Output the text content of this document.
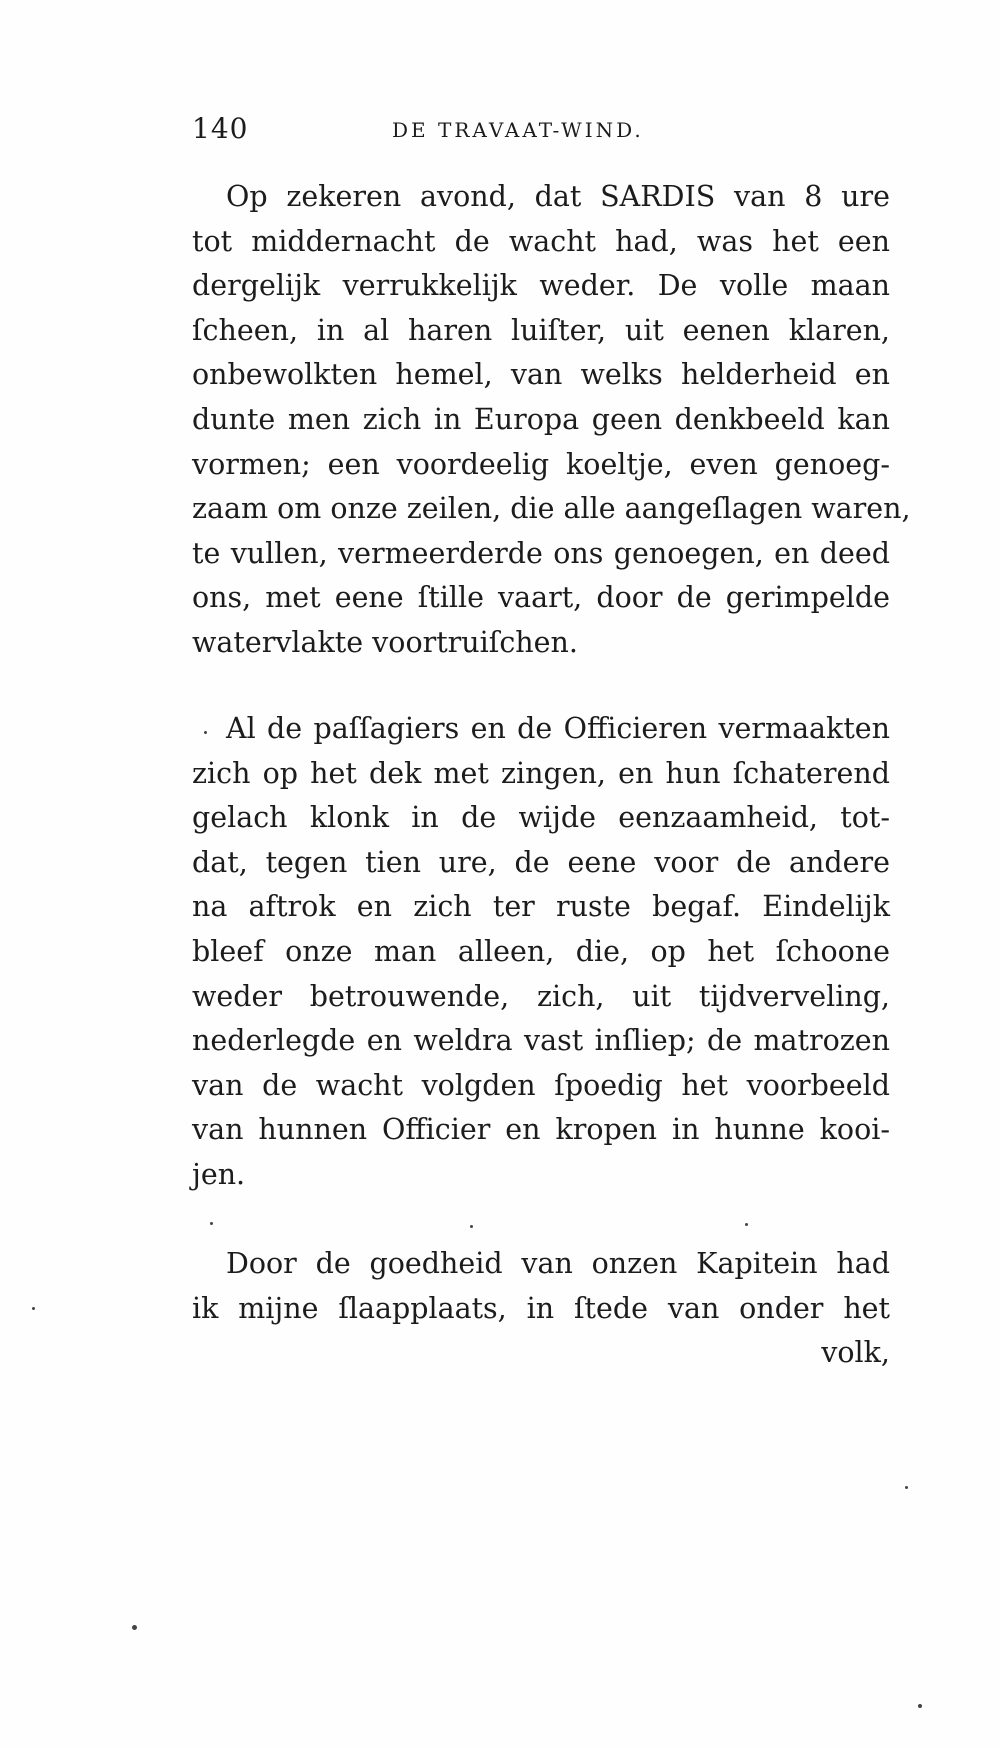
140	DE TRAVAAT-WIND.
Op zekeren avond, dat SARDIS van 8 ure
tot middernacht de wacht had, was het een
dergelijk verrukkelijk weder. De volle maan
ſcheen, in al haren luiſter, uit eenen klaren,
onbewolkten hemel, van welks helderheid en
dunte men zich in Europa geen denkbeeld kan
vormen; een voordeelig koeltje, even genoeg-
zaam om onze zeilen, die alle aangeſlagen waren,
te vullen, vermeerderde ons genoegen, en deed
ons, met eene ſtille vaart, door de gerimpelde
watervlakte voortruiſchen.
Al de paſſagiers en de Officieren vermaakten
zich op het dek met zingen, en hun ſchaterend
gelach klonk in de wijde eenzaamheid, tot-
dat, tegen tien ure, de eene voor de andere
na aftrok en zich ter ruste begaf. Eindelijk
bleef onze man alleen, die, op het ſchoone
weder betrouwende, zich, uit tijdverveling,
nederlegde en weldra vast inſliep; de matrozen
van de wacht volgden ſpoedig het voorbeeld
van hunnen Officier en kropen in hunne kooi-
jen.
Door de goedheid van onzen Kapitein had
ik mijne ſlaapplaats, in ſtede van onder het
volk,
